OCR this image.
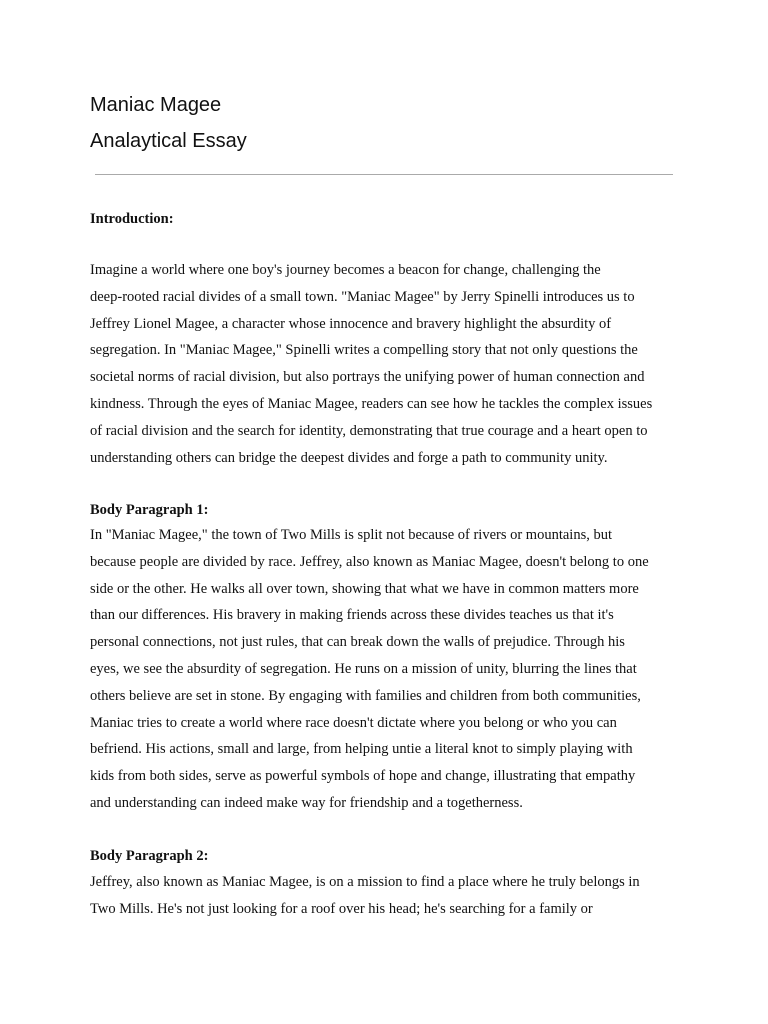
Maniac Magee
Analaytical Essay
Introduction:
Imagine a world where one boy's journey becomes a beacon for change, challenging the
deep-rooted racial divides of a small town. "Maniac Magee" by Jerry Spinelli introduces us to
Jeffrey Lionel Magee, a character whose innocence and bravery highlight the absurdity of
segregation. In "Maniac Magee," Spinelli writes a compelling story that not only questions the
societal norms of racial division, but also portrays the unifying power of human connection and
kindness. Through the eyes of Maniac Magee, readers can see how he tackles the complex issues
of racial division and the search for identity, demonstrating that true courage and a heart open to
understanding others can bridge the deepest divides and forge a path to community unity.
Body Paragraph 1:
In "Maniac Magee," the town of Two Mills is split not because of rivers or mountains, but
because people are divided by race. Jeffrey, also known as Maniac Magee, doesn't belong to one
side or the other. He walks all over town, showing that what we have in common matters more
than our differences. His bravery in making friends across these divides teaches us that it's
personal connections, not just rules, that can break down the walls of prejudice. Through his
eyes, we see the absurdity of segregation. He runs on a mission of unity, blurring the lines that
others believe are set in stone. By engaging with families and children from both communities,
Maniac tries to create a world where race doesn't dictate where you belong or who you can
befriend. His actions, small and large, from helping untie a literal knot to simply playing with
kids from both sides, serve as powerful symbols of hope and change, illustrating that empathy
and understanding can indeed make way for friendship and a togetherness.
Body Paragraph 2:
Jeffrey, also known as Maniac Magee, is on a mission to find a place where he truly belongs in
Two Mills. He's not just looking for a roof over his head; he's searching for a family or
